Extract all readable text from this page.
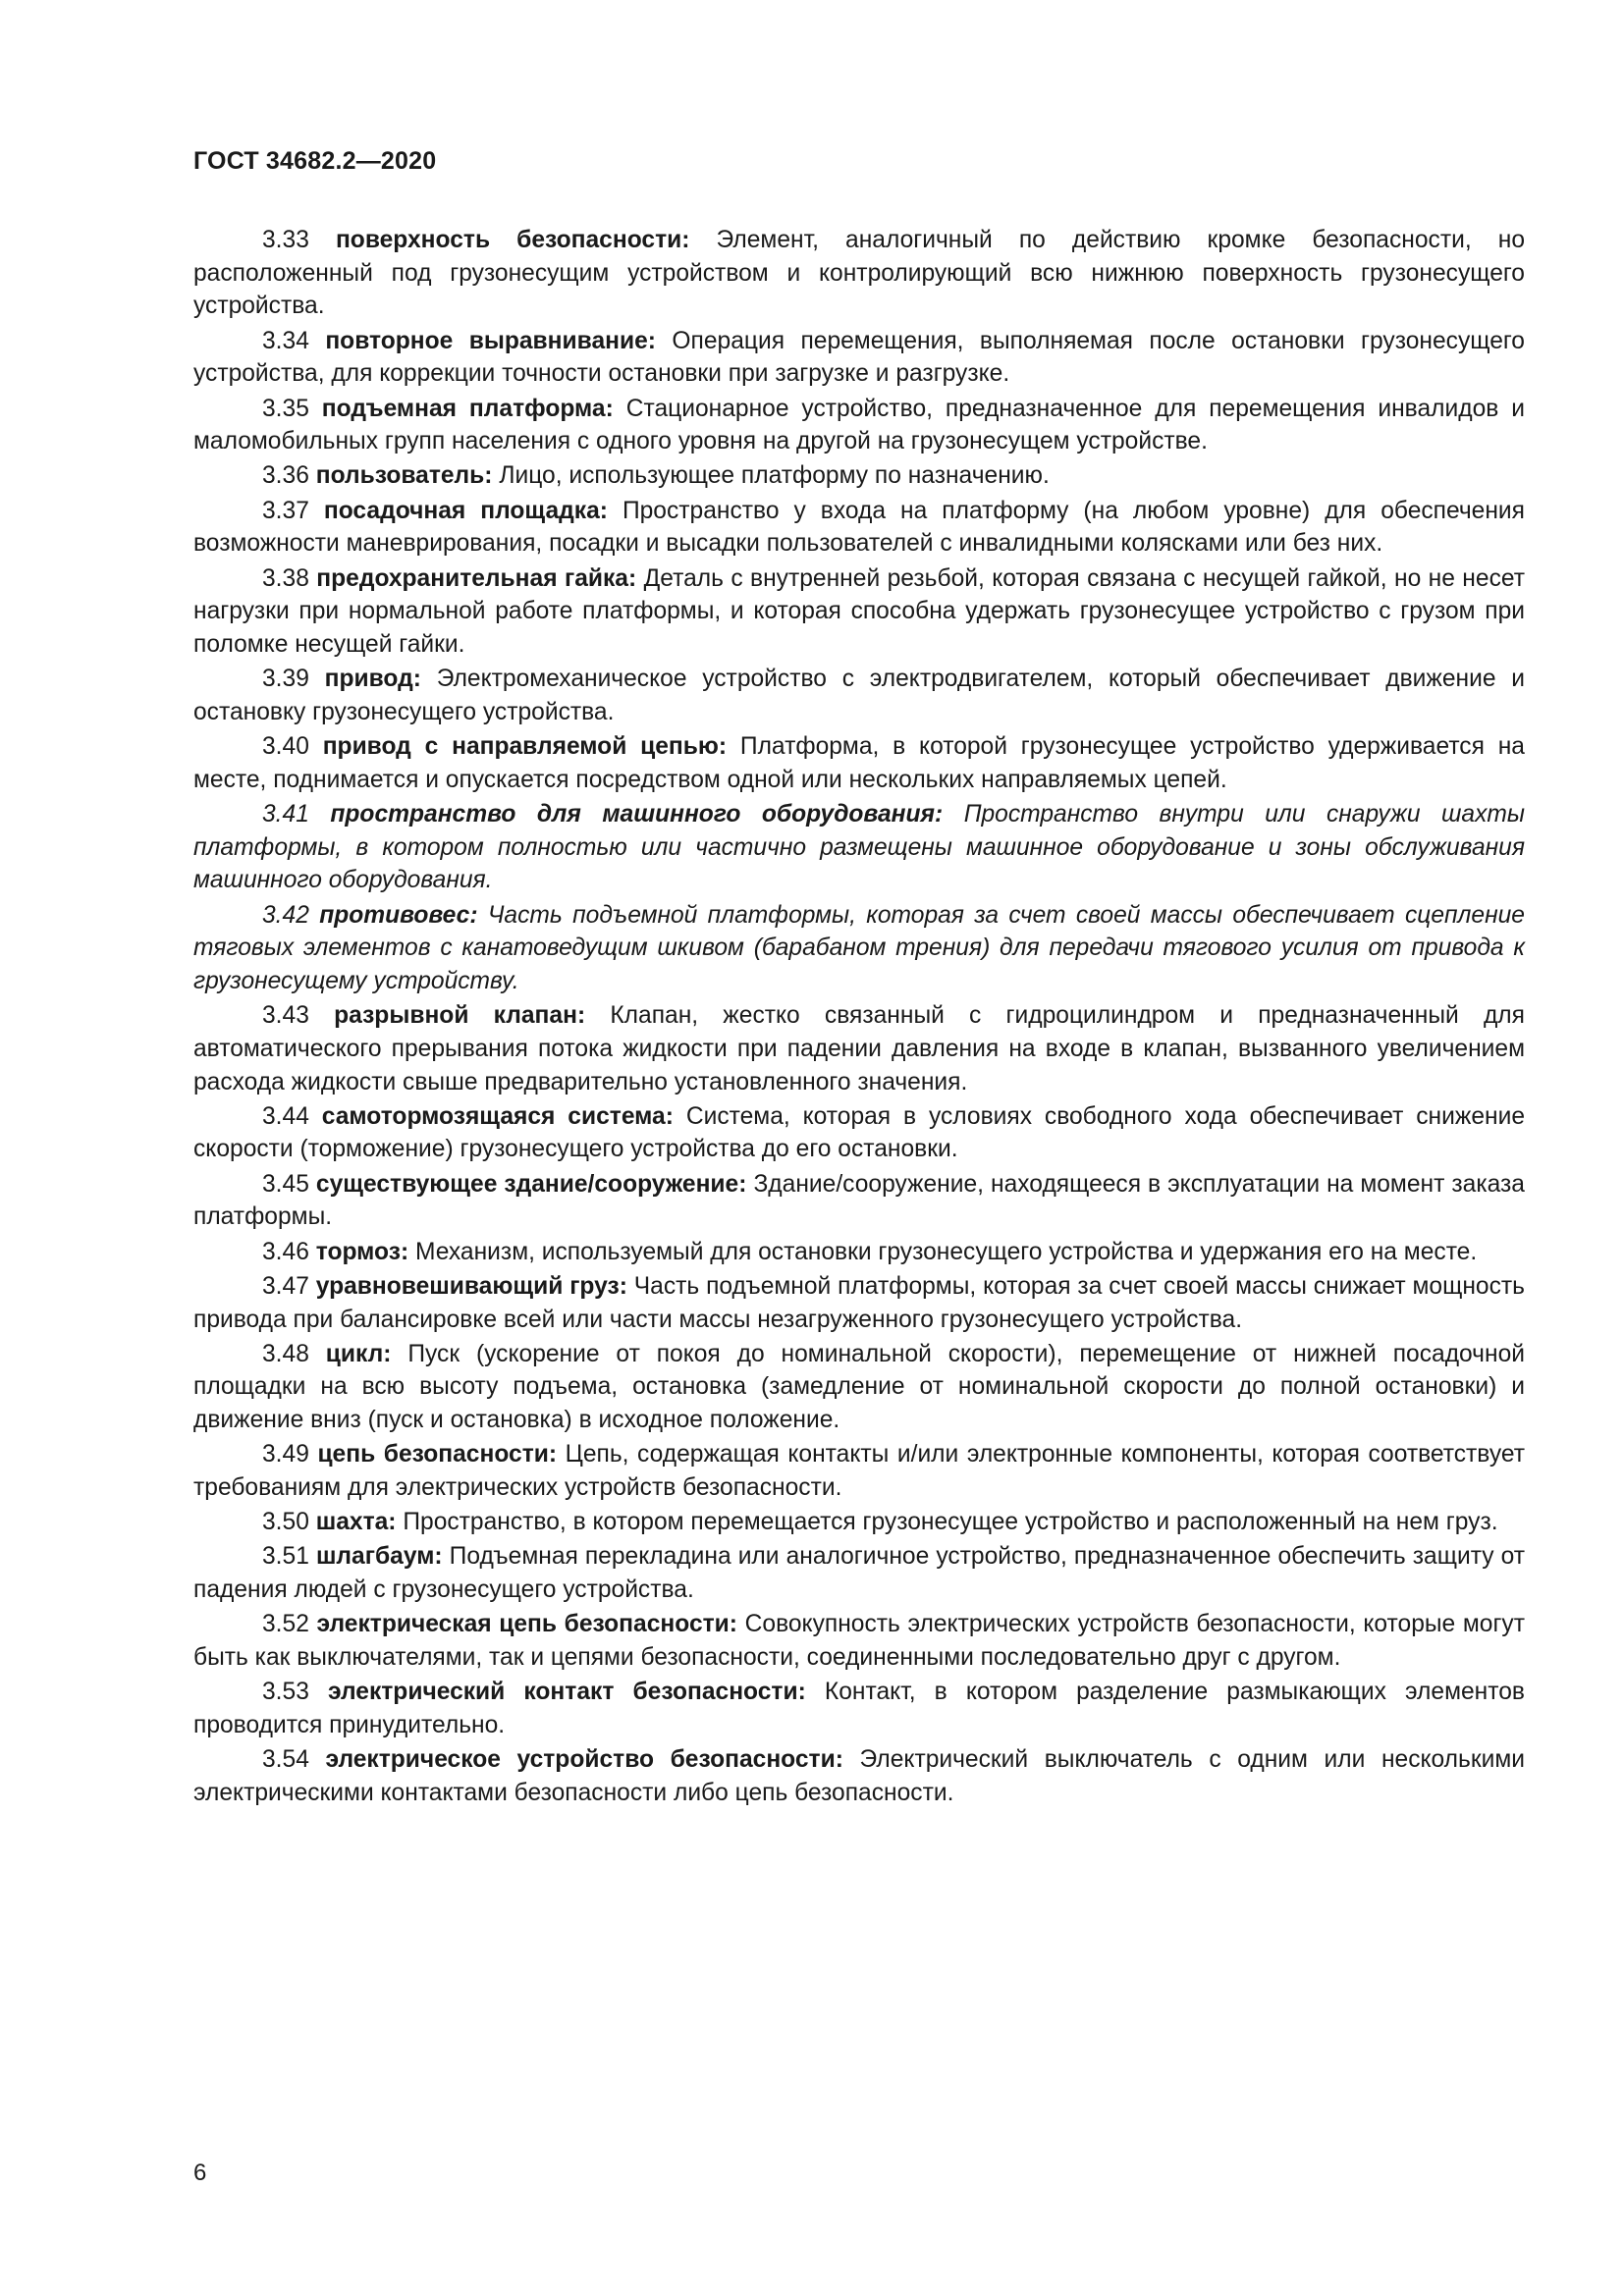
ГОСТ 34682.2—2020

3.33 поверхность безопасности: Элемент, аналогичный по действию кромке безопасности, но расположенный под грузонесущим устройством и контролирующий всю нижнюю поверхность грузонесущего устройства.

3.34 повторное выравнивание: Операция перемещения, выполняемая после остановки грузонесущего устройства, для коррекции точности остановки при загрузке и разгрузке.

3.35 подъемная платформа: Стационарное устройство, предназначенное для перемещения инвалидов и маломобильных групп населения с одного уровня на другой на грузонесущем устройстве.

3.36 пользователь: Лицо, использующее платформу по назначению.

3.37 посадочная площадка: Пространство у входа на платформу (на любом уровне) для обеспечения возможности маневрирования, посадки и высадки пользователей с инвалидными колясками или без них.

3.38 предохранительная гайка: Деталь с внутренней резьбой, которая связана с несущей гайкой, но не несет нагрузки при нормальной работе платформы, и которая способна удержать грузонесущее устройство с грузом при поломке несущей гайки.

3.39 привод: Электромеханическое устройство с электродвигателем, который обеспечивает движение и остановку грузонесущего устройства.

3.40 привод с направляемой цепью: Платформа, в которой грузонесущее устройство удерживается на месте, поднимается и опускается посредством одной или нескольких направляемых цепей.

3.41 пространство для машинного оборудования: Пространство внутри или снаружи шахты платформы, в котором полностью или частично размещены машинное оборудование и зоны обслуживания машинного оборудования.

3.42 противовес: Часть подъемной платформы, которая за счет своей массы обеспечивает сцепление тяговых элементов с канатоведущим шкивом (барабаном трения) для передачи тягового усилия от привода к грузонесущему устройству.

3.43 разрывной клапан: Клапан, жестко связанный с гидроцилиндром и предназначенный для автоматического прерывания потока жидкости при падении давления на входе в клапан, вызванного увеличением расхода жидкости свыше предварительно установленного значения.

3.44 самотормозящаяся система: Система, которая в условиях свободного хода обеспечивает снижение скорости (торможение) грузонесущего устройства до его остановки.

3.45 существующее здание/сооружение: Здание/сооружение, находящееся в эксплуатации на момент заказа платформы.

3.46 тормоз: Механизм, используемый для остановки грузонесущего устройства и удержания его на месте.

3.47 уравновешивающий груз: Часть подъемной платформы, которая за счет своей массы снижает мощность привода при балансировке всей или части массы незагруженного грузонесущего устройства.

3.48 цикл: Пуск (ускорение от покоя до номинальной скорости), перемещение от нижней посадочной площадки на всю высоту подъема, остановка (замедление от номинальной скорости до полной остановки) и движение вниз (пуск и остановка) в исходное положение.

3.49 цепь безопасности: Цепь, содержащая контакты и/или электронные компоненты, которая соответствует требованиям для электрических устройств безопасности.

3.50 шахта: Пространство, в котором перемещается грузонесущее устройство и расположенный на нем груз.

3.51 шлагбаум: Подъемная перекладина или аналогичное устройство, предназначенное обеспечить защиту от падения людей с грузонесущего устройства.

3.52 электрическая цепь безопасности: Совокупность электрических устройств безопасности, которые могут быть как выключателями, так и цепями безопасности, соединенными последовательно друг с другом.

3.53 электрический контакт безопасности: Контакт, в котором разделение размыкающих элементов проводится принудительно.

3.54 электрическое устройство безопасности: Электрический выключатель с одним или несколькими электрическими контактами безопасности либо цепь безопасности.

6
